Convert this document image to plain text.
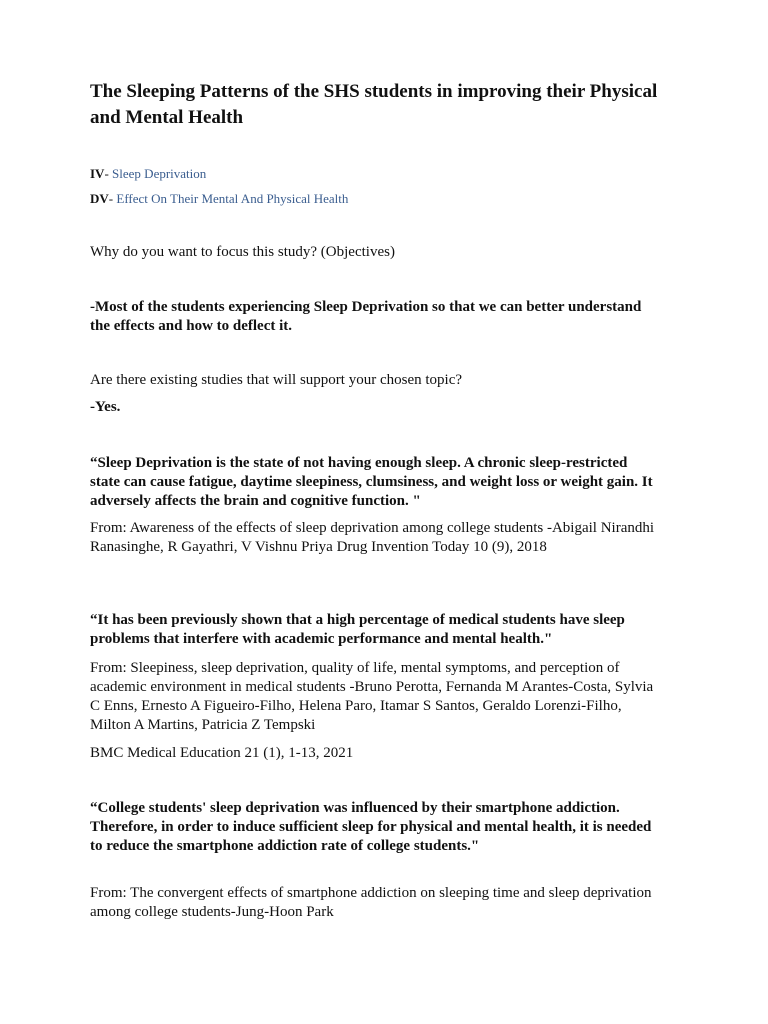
The Sleeping Patterns of the SHS students in improving their Physical and Mental Health

IV- Sleep Deprivation

DV- Effect On Their Mental And Physical Health

Why do you want to focus this study? (Objectives)

-Most of the students experiencing Sleep Deprivation so that we can better understand the effects and how to deflect it.

Are there existing studies that will support your chosen topic?

-Yes.

“Sleep Deprivation is the state of not having enough sleep. A chronic sleep-restricted state can cause fatigue, daytime sleepiness, clumsiness, and weight loss or weight gain. It adversely affects the brain and cognitive function. "

From: Awareness of the effects of sleep deprivation among college students -Abigail Nirandhi Ranasinghe, R Gayathri, V Vishnu Priya Drug Invention Today 10 (9), 2018

“It has been previously shown that a high percentage of medical students have sleep problems that interfere with academic performance and mental health."

From: Sleepiness, sleep deprivation, quality of life, mental symptoms, and perception of academic environment in medical students -Bruno Perotta, Fernanda M Arantes-Costa, Sylvia C Enns, Ernesto A Figueiro-Filho, Helena Paro, Itamar S Santos, Geraldo Lorenzi-Filho, Milton A Martins, Patricia Z Tempski

BMC Medical Education 21 (1), 1-13, 2021

“College students' sleep deprivation was influenced by their smartphone addiction. Therefore, in order to induce sufficient sleep for physical and mental health, it is needed to reduce the smartphone addiction rate of college students."

From: The convergent effects of smartphone addiction on sleeping time and sleep deprivation among college students-Jung-Hoon Park
